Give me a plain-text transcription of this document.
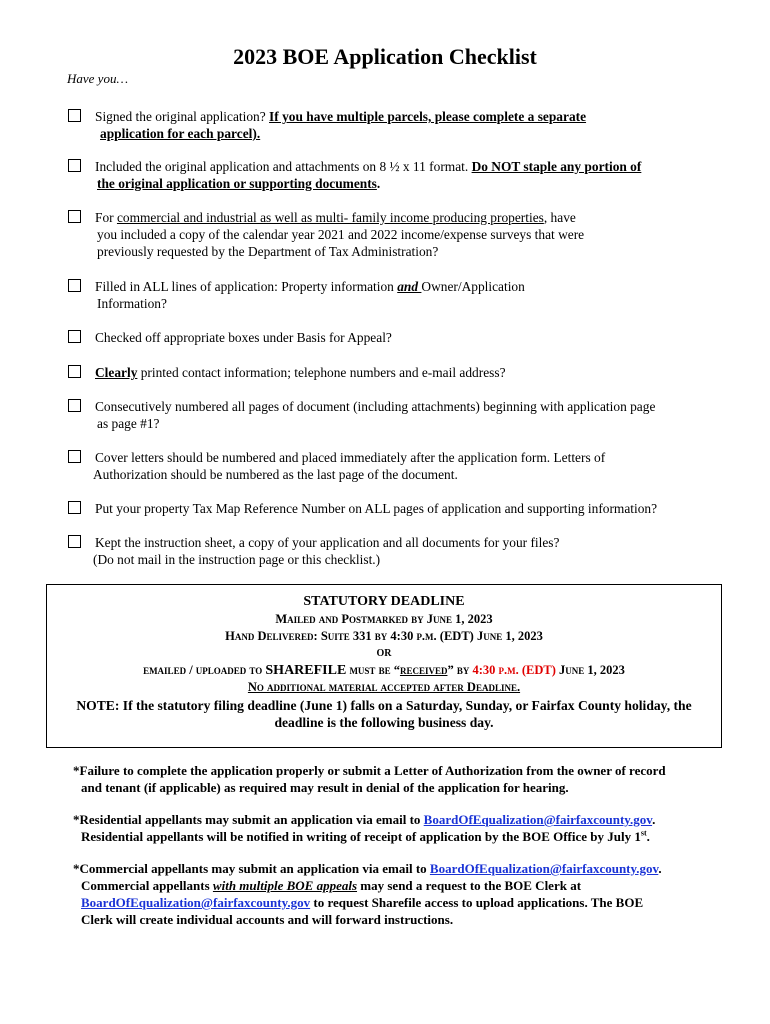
2023 BOE Application Checklist
Have you…
Signed the original application? If you have multiple parcels, please complete a separate
application for each parcel).
Included the original application and attachments on 8 ½ x 11 format. Do NOT staple any portion of
the original application or supporting documents.
For commercial and industrial as well as multi- family income producing properties, have
you included a copy of the calendar year 2021 and 2022 income/expense surveys that were
previously requested by the Department of Tax Administration?
Filled in ALL lines of application: Property information and Owner/Application
Information?
Checked off appropriate boxes under Basis for Appeal?
Clearly printed contact information; telephone numbers and e-mail address?
Consecutively numbered all pages of document (including attachments) beginning with application page
as page #1?
Cover letters should be numbered and placed immediately after the application form. Letters of
Authorization should be numbered as the last page of the document.
Put your property Tax Map Reference Number on ALL pages of application and supporting information?
Kept the instruction sheet, a copy of your application and all documents for your files?
(Do not mail in the instruction page or this checklist.)
STATUTORY DEADLINE
Mailed and Postmarked by June 1, 2023
Hand Delivered: Suite 331 by 4:30 p.m. (EDT) June 1, 2023
OR
emailed / uploaded to SHAREFILE must be “received” by 4:30 p.m. (EDT) June 1, 2023
No additional material accepted after Deadline.
NOTE: If the statutory filing deadline (June 1) falls on a Saturday, Sunday, or Fairfax County holiday, the
deadline is the following business day.
*Failure to complete the application properly or submit a Letter of Authorization from the owner of record
and tenant (if applicable) as required may result in denial of the application for hearing.
*Residential appellants may submit an application via email to BoardOfEqualization@fairfaxcounty.gov.
Residential appellants will be notified in writing of receipt of application by the BOE Office by July 1st.
*Commercial appellants may submit an application via email to BoardOfEqualization@fairfaxcounty.gov.
Commercial appellants with multiple BOE appeals may send a request to the BOE Clerk at
BoardOfEqualization@fairfaxcounty.gov to request Sharefile access to upload applications. The BOE
Clerk will create individual accounts and will forward instructions.
